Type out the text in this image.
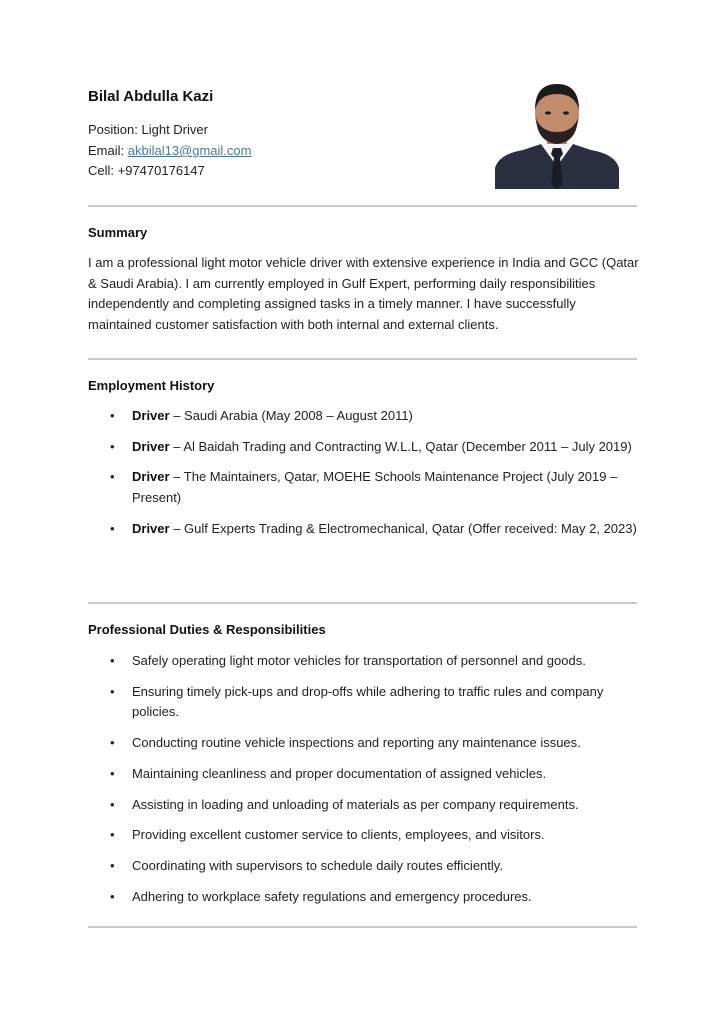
Bilal Abdulla Kazi
Position: Light Driver
Email: akbilal13@gmail.com
Cell: +97470176147
Summary
I am a professional light motor vehicle driver with extensive experience in India and GCC (Qatar & Saudi Arabia). I am currently employed in Gulf Expert, performing daily responsibilities independently and completing assigned tasks in a timely manner. I have successfully maintained customer satisfaction with both internal and external clients.
Employment History
• Driver – Saudi Arabia (May 2008 – August 2011)
• Driver – Al Baidah Trading and Contracting W.L.L, Qatar (December 2011 – July 2019)
• Driver – The Maintainers, Qatar, MOEHE Schools Maintenance Project (July 2019 – Present)
• Driver – Gulf Experts Trading & Electromechanical, Qatar (Offer received: May 2, 2023)
Professional Duties & Responsibilities
• Safely operating light motor vehicles for transportation of personnel and goods.
• Ensuring timely pick-ups and drop-offs while adhering to traffic rules and company policies.
• Conducting routine vehicle inspections and reporting any maintenance issues.
• Maintaining cleanliness and proper documentation of assigned vehicles.
• Assisting in loading and unloading of materials as per company requirements.
• Providing excellent customer service to clients, employees, and visitors.
• Coordinating with supervisors to schedule daily routes efficiently.
• Adhering to workplace safety regulations and emergency procedures.
